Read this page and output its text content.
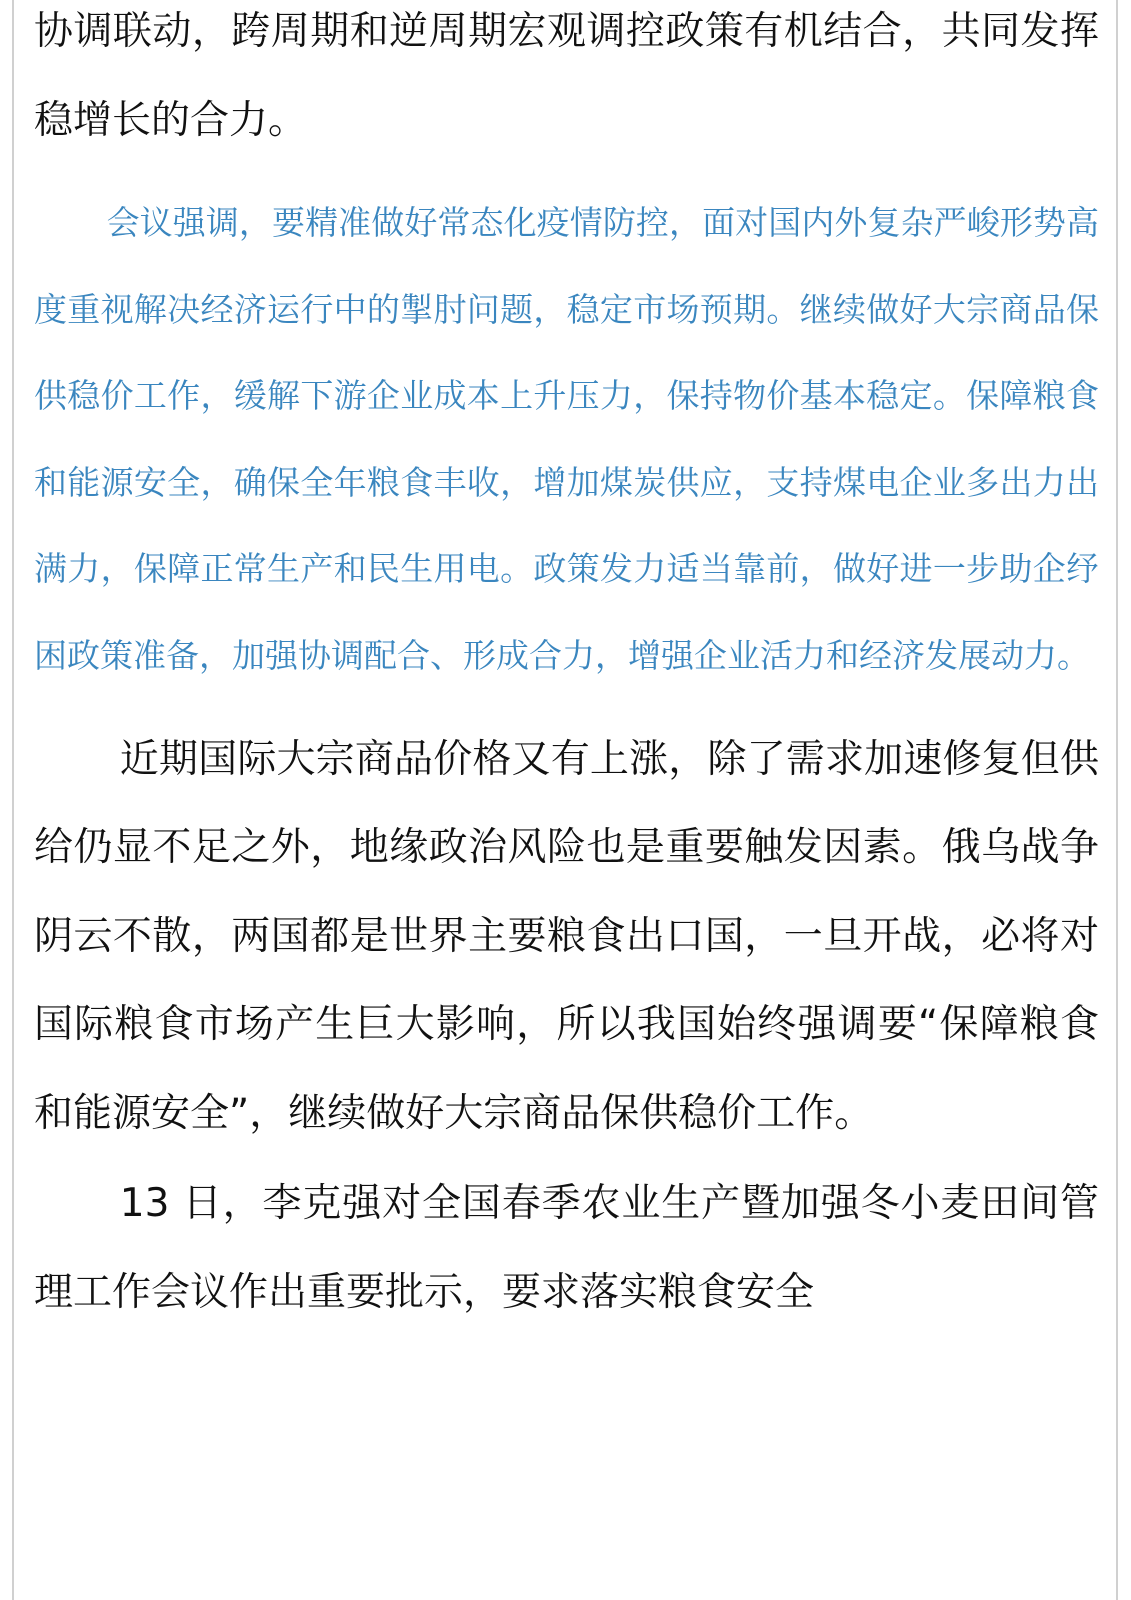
协调联动，跨周期和逆周期宏观调控政策有机结合，共同发挥稳增长的合力。

会议强调，要精准做好常态化疫情防控，面对国内外复杂严峻形势高度重视解决经济运行中的掣肘问题，稳定市场预期。继续做好大宗商品保供稳价工作，缓解下游企业成本上升压力，保持物价基本稳定。保障粮食和能源安全，确保全年粮食丰收，增加煤炭供应，支持煤电企业多出力出满力，保障正常生产和民生用电。政策发力适当靠前，做好进一步助企纾困政策准备，加强协调配合、形成合力，增强企业活力和经济发展动力。

近期国际大宗商品价格又有上涨，除了需求加速修复但供给仍显不足之外，地缘政治风险也是重要触发因素。俄乌战争阴云不散，两国都是世界主要粮食出口国，一旦开战，必将对国际粮食市场产生巨大影响，所以我国始终强调要“保障粮食和能源安全”，继续做好大宗商品保供稳价工作。

13 日，李克强对全国春季农业生产暨加强冬小麦田间管理工作会议作出重要批示，要求落实粮食安全
